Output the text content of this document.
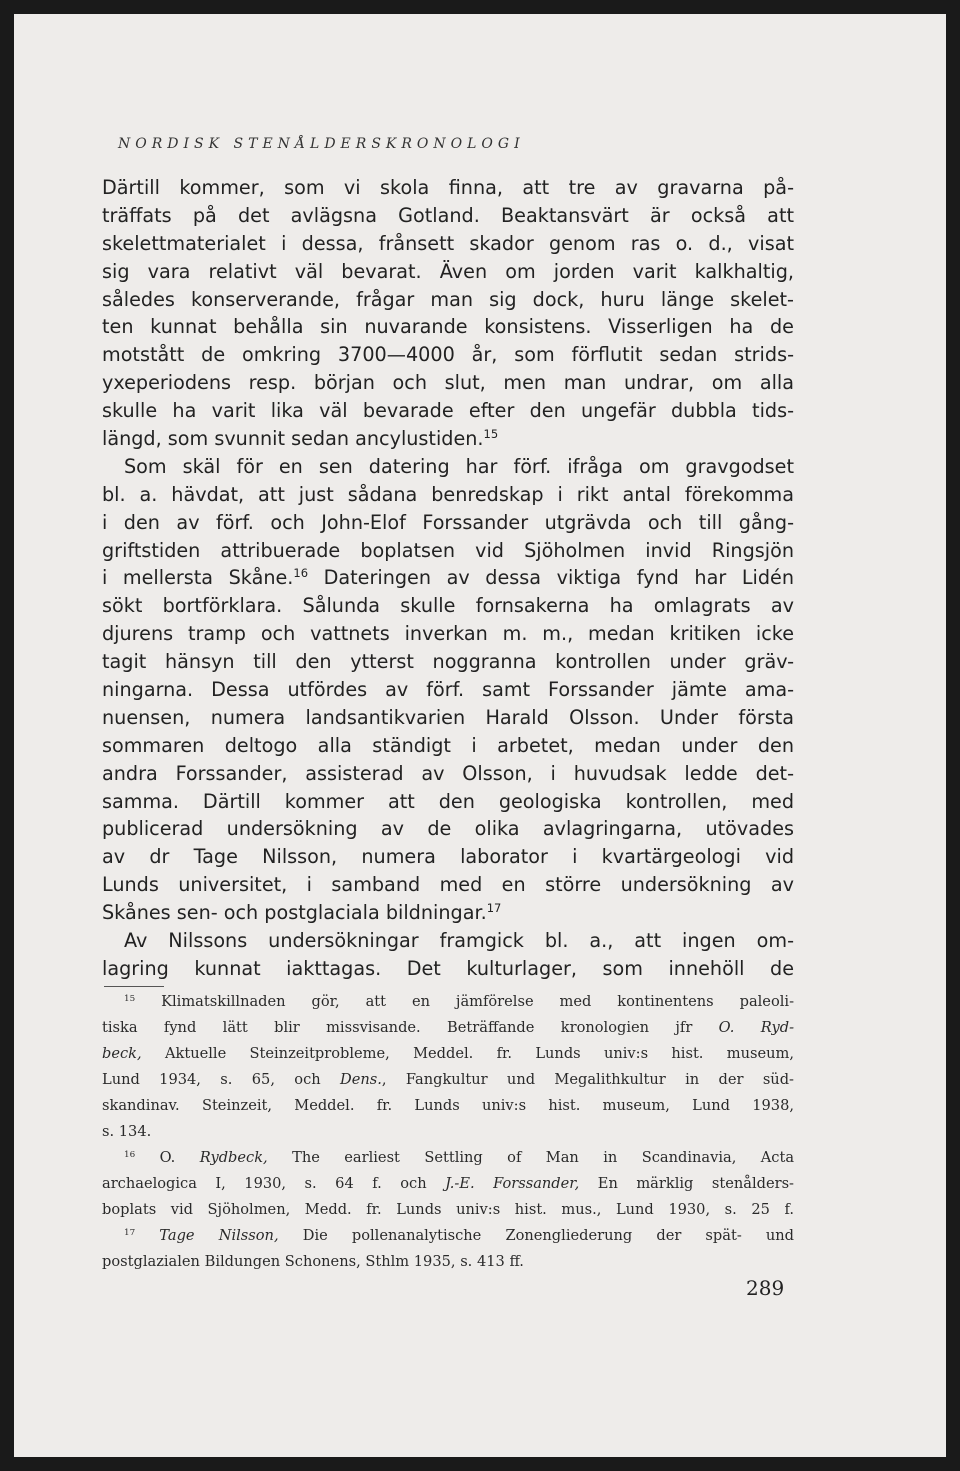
NORDISK STENÅLDERSKRONOLOGI
Därtill kommer, som vi skola finna, att tre av gravarna på-
träffats på det avlägsna Gotland. Beaktansvärt är också att
skelettmaterialet i dessa, frånsett skador genom ras o. d., visat
sig vara relativt väl bevarat. Även om jorden varit kalkhaltig,
således konserverande, frågar man sig dock, huru länge skelet-
ten kunnat behålla sin nuvarande konsistens. Visserligen ha de
motstått de omkring 3700—4000 år, som förflutit sedan strids-
yxeperiodens resp. början och slut, men man undrar, om alla
skulle ha varit lika väl bevarade efter den ungefär dubbla tids-
längd, som svunnit sedan ancylustiden.$^{15}$
Som skäl för en sen datering har förf. ifråga om gravgodset
bl. a. hävdat, att just sådana benredskap i rikt antal förekomma
i den av förf. och John-Elof Forssander utgrävda och till gång-
griftstiden attribuerade boplatsen vid Sjöholmen invid Ringsjön
i mellersta Skåne.$^{16}$ Dateringen av dessa viktiga fynd har Lidén
sökt bortförklara. Sålunda skulle fornsakerna ha omlagrats av
djurens tramp och vattnets inverkan m. m., medan kritiken icke
tagit hänsyn till den ytterst noggranna kontrollen under gräv-
ningarna. Dessa utfördes av förf. samt Forssander jämte ama-
nuensen, numera landsantikvarien Harald Olsson. Under första
sommaren deltogo alla ständigt i arbetet, medan under den
andra Forssander, assisterad av Olsson, i huvudsak ledde det-
samma. Därtill kommer att den geologiska kontrollen, med
publicerad undersökning av de olika avlagringarna, utövades
av dr Tage Nilsson, numera laborator i kvartärgeologi vid
Lunds universitet, i samband med en större undersökning av
Skånes sen- och postglaciala bildningar.$^{17}$
Av Nilssons undersökningar framgick bl. a., att ingen om-
lagring kunnat iakttagas. Det kulturlager, som innehöll de
$^{15}$ Klimatskillnaden gör, att en jämförelse med kontinentens paleoli-
tiska fynd lätt blir missvisande. Beträffande kronologien jfr O. Ryd-
beck, Aktuelle Steinzeitprobleme, Meddel. fr. Lunds univ:s hist. museum,
Lund 1934, s. 65, och Dens., Fangkultur und Megalithkultur in der süd-
skandinav. Steinzeit, Meddel. fr. Lunds univ:s hist. museum, Lund 1938,
s. 134.
$^{16}$ O. Rydbeck, The earliest Settling of Man in Scandinavia, Acta
archaelogica I, 1930, s. 64 f. och J.-E. Forssander, En märklig stenålders-
boplats vid Sjöholmen, Medd. fr. Lunds univ:s hist. mus., Lund 1930, s. 25 f.
$^{17}$ Tage Nilsson, Die pollenanalytische Zonengliederung der spät- und
postglazialen Bildungen Schonens, Sthlm 1935, s. 413 ff.
289
